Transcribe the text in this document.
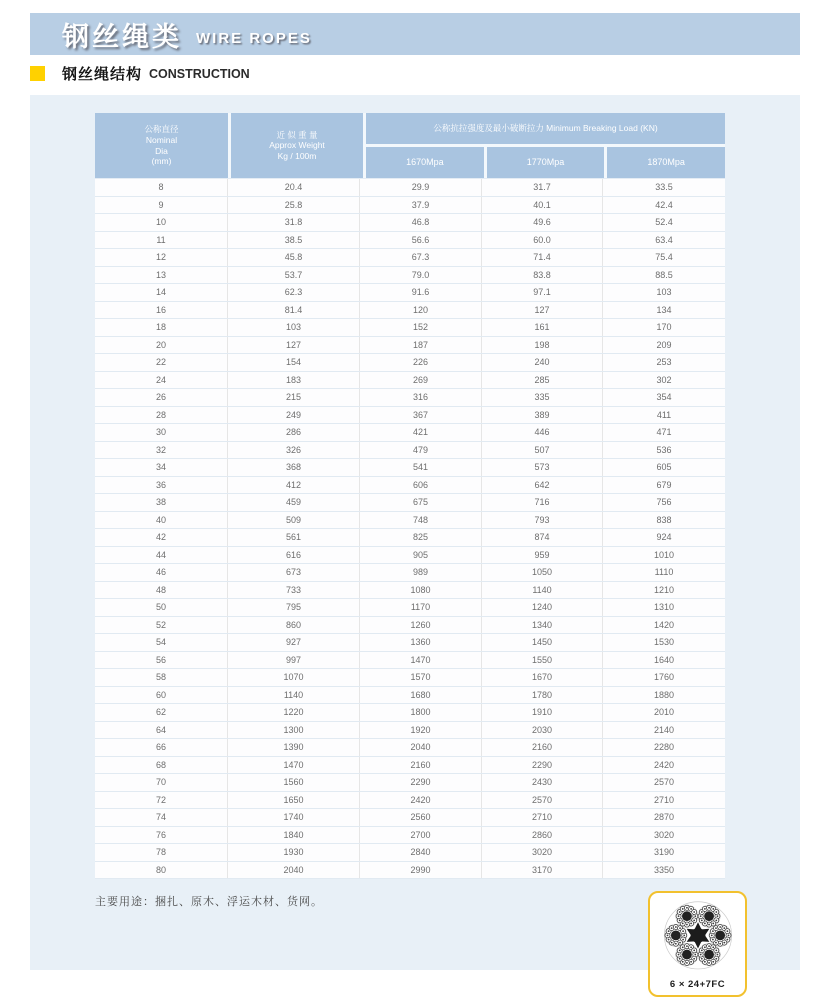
钢丝绳类 WIRE ROPES
钢丝绳结构 CONSTRUCTION
公称直径
Nominal
Dia
(mm)
近 似 重 量
Approx Weight
Kg / 100m
公称抗拉强度及最小破断拉力 Minimum Breaking Load (KN)
1670Mpa	1770Mpa	1870Mpa
8	20.4	29.9	31.7	33.5
9	25.8	37.9	40.1	42.4
10	31.8	46.8	49.6	52.4
11	38.5	56.6	60.0	63.4
12	45.8	67.3	71.4	75.4
13	53.7	79.0	83.8	88.5
14	62.3	91.6	97.1	103
16	81.4	120	127	134
18	103	152	161	170
20	127	187	198	209
22	154	226	240	253
24	183	269	285	302
26	215	316	335	354
28	249	367	389	411
30	286	421	446	471
32	326	479	507	536
34	368	541	573	605
36	412	606	642	679
38	459	675	716	756
40	509	748	793	838
42	561	825	874	924
44	616	905	959	1010
46	673	989	1050	1110
48	733	1080	1140	1210
50	795	1170	1240	1310
52	860	1260	1340	1420
54	927	1360	1450	1530
56	997	1470	1550	1640
58	1070	1570	1670	1760
60	1140	1680	1780	1880
62	1220	1800	1910	2010
64	1300	1920	2030	2140
66	1390	2040	2160	2280
68	1470	2160	2290	2420
70	1560	2290	2430	2570
72	1650	2420	2570	2710
74	1740	2560	2710	2870
76	1840	2700	2860	3020
78	1930	2840	3020	3190
80	2040	2990	3170	3350
主要用途：捆扎、原木、浮运木材、货网。
6 × 24+7FC
